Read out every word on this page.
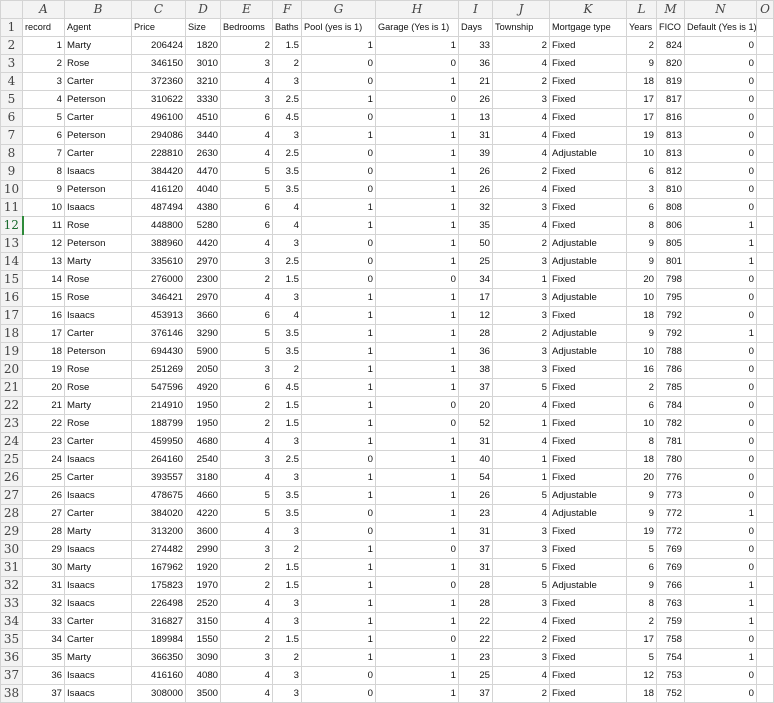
	A	B	C	D	E	F	G	H	I	J	K	L	M	N	O
1	record	Agent	Price	Size	Bedrooms	Baths	Pool (yes is 1)	Garage (Yes is 1)	Days	Township	Mortgage type	Years	FICO	Default (Yes is 1)	
2	1	Marty	206424	1820	2	1.5	1	1	33	2	Fixed	2	824	0	
3	2	Rose	346150	3010	3	2	0	0	36	4	Fixed	9	820	0	
4	3	Carter	372360	3210	4	3	0	1	21	2	Fixed	18	819	0	
5	4	Peterson	310622	3330	3	2.5	1	0	26	3	Fixed	17	817	0	
6	5	Carter	496100	4510	6	4.5	0	1	13	4	Fixed	17	816	0	
7	6	Peterson	294086	3440	4	3	1	1	31	4	Fixed	19	813	0	
8	7	Carter	228810	2630	4	2.5	0	1	39	4	Adjustable	10	813	0	
9	8	Isaacs	384420	4470	5	3.5	0	1	26	2	Fixed	6	812	0	
10	9	Peterson	416120	4040	5	3.5	0	1	26	4	Fixed	3	810	0	
11	10	Isaacs	487494	4380	6	4	1	1	32	3	Fixed	6	808	0	
12	11	Rose	448800	5280	6	4	1	1	35	4	Fixed	8	806	1	
13	12	Peterson	388960	4420	4	3	0	1	50	2	Adjustable	9	805	1	
14	13	Marty	335610	2970	3	2.5	0	1	25	3	Adjustable	9	801	1	
15	14	Rose	276000	2300	2	1.5	0	0	34	1	Fixed	20	798	0	
16	15	Rose	346421	2970	4	3	1	1	17	3	Adjustable	10	795	0	
17	16	Isaacs	453913	3660	6	4	1	1	12	3	Fixed	18	792	0	
18	17	Carter	376146	3290	5	3.5	1	1	28	2	Adjustable	9	792	1	
19	18	Peterson	694430	5900	5	3.5	1	1	36	3	Adjustable	10	788	0	
20	19	Rose	251269	2050	3	2	1	1	38	3	Fixed	16	786	0	
21	20	Rose	547596	4920	6	4.5	1	1	37	5	Fixed	2	785	0	
22	21	Marty	214910	1950	2	1.5	1	0	20	4	Fixed	6	784	0	
23	22	Rose	188799	1950	2	1.5	1	0	52	1	Fixed	10	782	0	
24	23	Carter	459950	4680	4	3	1	1	31	4	Fixed	8	781	0	
25	24	Isaacs	264160	2540	3	2.5	0	1	40	1	Fixed	18	780	0	
26	25	Carter	393557	3180	4	3	1	1	54	1	Fixed	20	776	0	
27	26	Isaacs	478675	4660	5	3.5	1	1	26	5	Adjustable	9	773	0	
28	27	Carter	384020	4220	5	3.5	0	1	23	4	Adjustable	9	772	1	
29	28	Marty	313200	3600	4	3	0	1	31	3	Fixed	19	772	0	
30	29	Isaacs	274482	2990	3	2	1	0	37	3	Fixed	5	769	0	
31	30	Marty	167962	1920	2	1.5	1	1	31	5	Fixed	6	769	0	
32	31	Isaacs	175823	1970	2	1.5	1	0	28	5	Adjustable	9	766	1	
33	32	Isaacs	226498	2520	4	3	1	1	28	3	Fixed	8	763	1	
34	33	Carter	316827	3150	4	3	1	1	22	4	Fixed	2	759	1	
35	34	Carter	189984	1550	2	1.5	1	0	22	2	Fixed	17	758	0	
36	35	Marty	366350	3090	3	2	1	1	23	3	Fixed	5	754	1	
37	36	Isaacs	416160	4080	4	3	0	1	25	4	Fixed	12	753	0	
38	37	Isaacs	308000	3500	4	3	0	1	37	2	Fixed	18	752	0	
